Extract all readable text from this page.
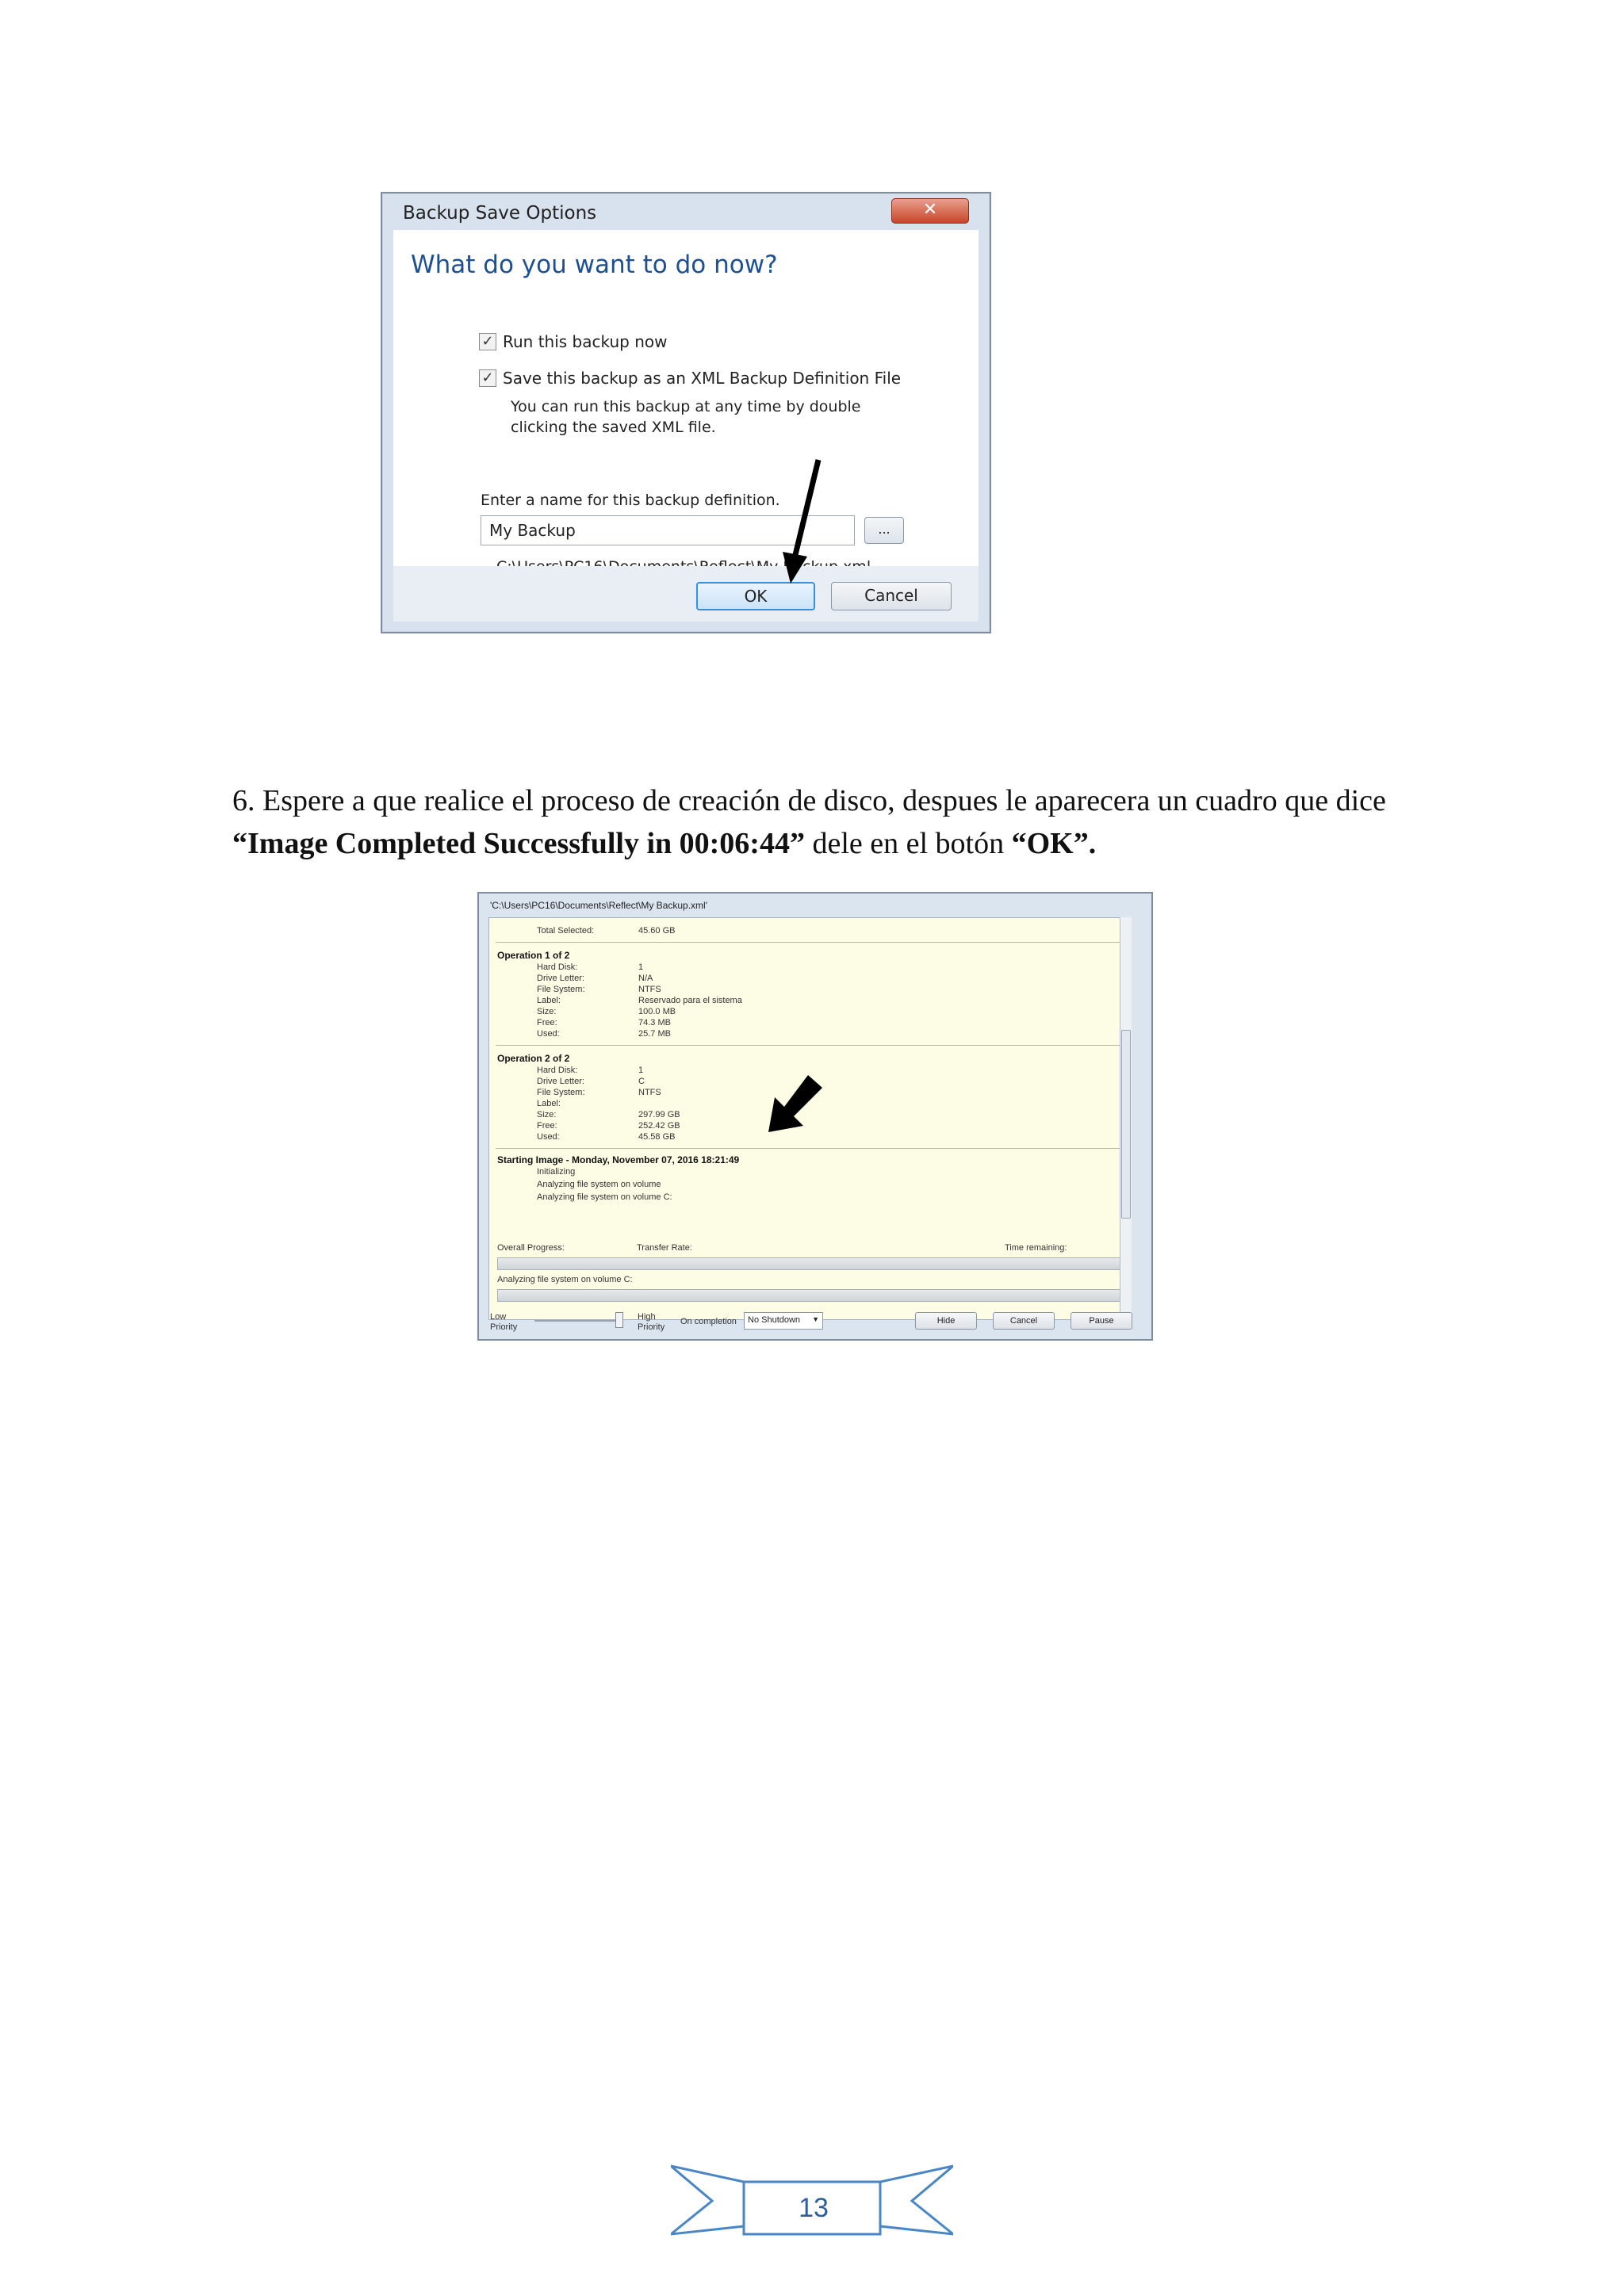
Backup Save Options	✕
What do you want to do now?
✓ Run this backup now
✓ Save this backup as an XML Backup Definition File
You can run this backup at any time by double
clicking the saved XML file.
Enter a name for this backup definition.
My Backup	...
OK	Cancel
6. Espere a que realice el proceso de creación de disco, despues le aparecera un cuadro que dice “Image Completed Successfully in 00:06:44” dele en el botón “OK”.
'C:\Users\PC16\Documents\Reflect\My Backup.xml'
Total Selected:	45.60 GB
Operation 1 of 2
Hard Disk:	1
Drive Letter:	N/A
File System:	NTFS
Label:	Reservado para el sistema
Size:	100.0 MB
Free:	74.3 MB
Used:	25.7 MB
Operation 2 of 2
Hard Disk:	1
Drive Letter:	C
File System:	NTFS
Label:
Size:	297.99 GB
Free:	252.42 GB
Used:	45.58 GB
Starting Image - Monday, November 07, 2016 18:21:49
Initializing
Analyzing file system on volume
Analyzing file system on volume C:
Overall Progress:	Transfer Rate:	Time remaining:
Analyzing file system on volume C:
Low
Priority
High
Priority
On completion	No Shutdown ▼	Hide	Cancel	Pause
13
